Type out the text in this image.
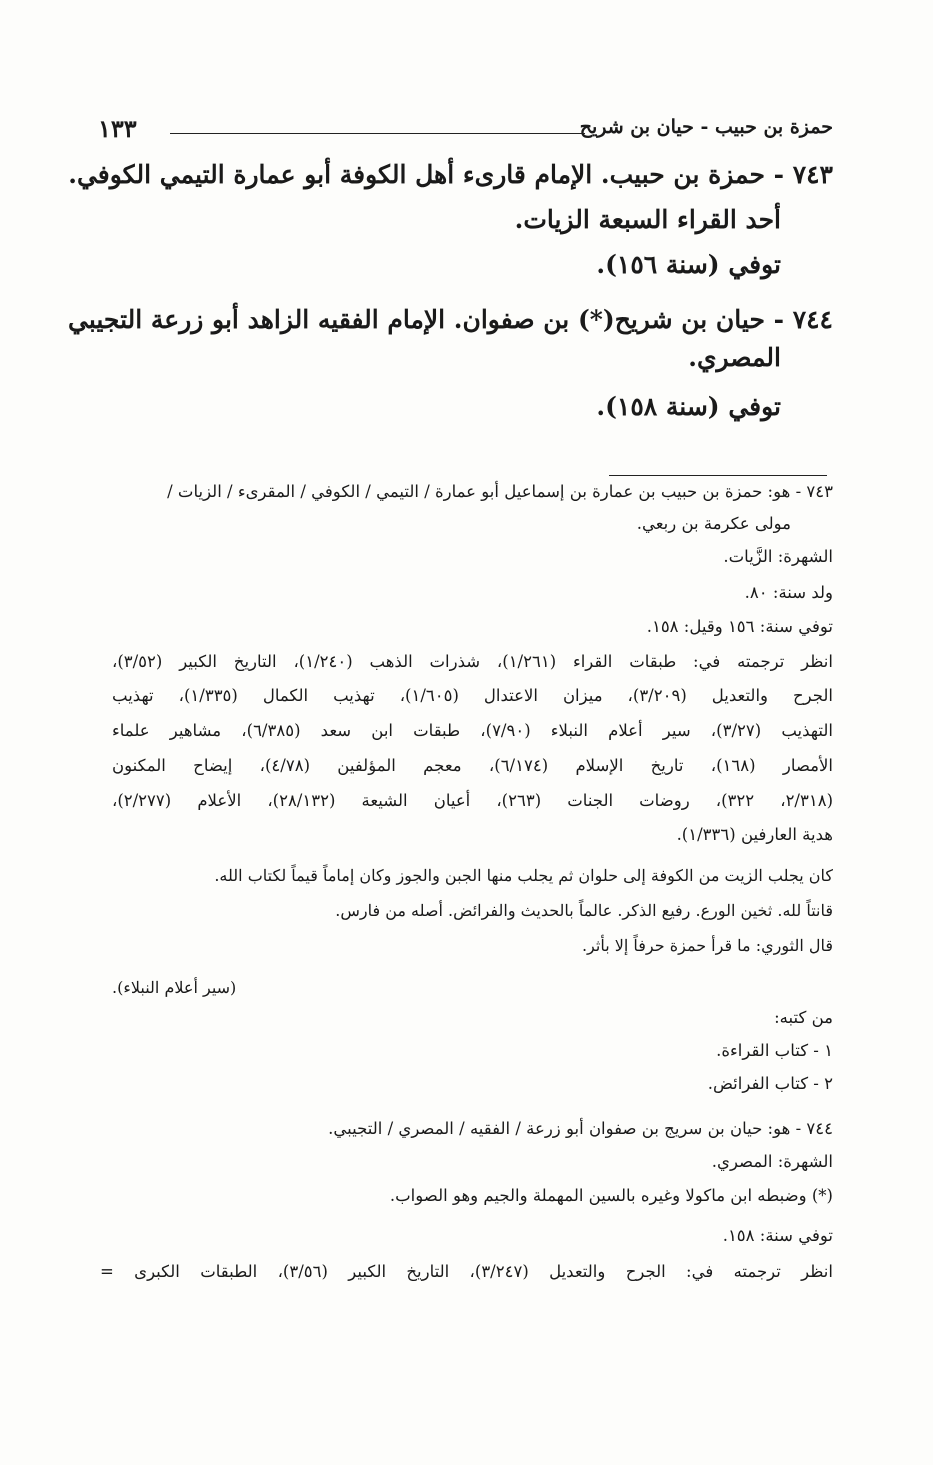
حمزة بن حبيب - حيان بن شريح
١٣٣
٧٤٣ - حمزة بن حبيب. الإمام قارىء أهل الكوفة أبو عمارة التيمي الكوفي.
أحد القراء السبعة الزيات.
توفي (سنة ١٥٦).
٧٤٤ - حيان بن شريح(*) بن صفوان. الإمام الفقيه الزاهد أبو زرعة التجيبي
المصري.
توفي (سنة ١٥٨).
٧٤٣ - هو: حمزة بن حبيب بن عمارة بن إسماعيل أبو عمارة / التيمي / الكوفي / المقرىء / الزيات /
مولى عكرمة بن ربعي.
الشهرة: الزَّيات.
ولد سنة: ٨٠.
توفي سنة: ١٥٦ وقيل: ١٥٨.
انظر ترجمته في: طبقات القراء (١/٢٦١)، شذرات الذهب (١/٢٤٠)، التاريخ الكبير (٣/٥٢)،
الجرح والتعديل (٣/٢٠٩)، ميزان الاعتدال (١/٦٠٥)، تهذيب الكمال (١/٣٣٥)، تهذيب
التهذيب (٣/٢٧)، سير أعلام النبلاء (٧/٩٠)، طبقات ابن سعد (٦/٣٨٥)، مشاهير علماء
الأمصار (١٦٨)، تاريخ الإسلام (٦/١٧٤)، معجم المؤلفين (٤/٧٨)، إيضاح المكنون
(٢/٣١٨، ٣٢٢)، روضات الجنات (٢٦٣)، أعيان الشيعة (٢٨/١٣٢)، الأعلام (٢/٢٧٧)،
هدية العارفين (١/٣٣٦).
كان يجلب الزيت من الكوفة إلى حلوان ثم يجلب منها الجبن والجوز وكان إماماً قيماً لكتاب الله.
قانتاً لله. ثخين الورع. رفيع الذكر. عالماً بالحديث والفرائض. أصله من فارس.
قال الثوري: ما قرأ حمزة حرفاً إلا بأثر.
(سير أعلام النبلاء).
من كتبه:
١ - كتاب القراءة.
٢ - كتاب الفرائض.
٧٤٤ - هو: حيان بن سريج بن صفوان أبو زرعة / الفقيه / المصري / التجيبي.
الشهرة: المصري.
(*) وضبطه ابن ماكولا وغيره بالسين المهملة والجيم وهو الصواب.
توفي سنة: ١٥٨.
انظر ترجمته في: الجرح والتعديل (٣/٢٤٧)، التاريخ الكبير (٣/٥٦)، الطبقات الكبرى =
